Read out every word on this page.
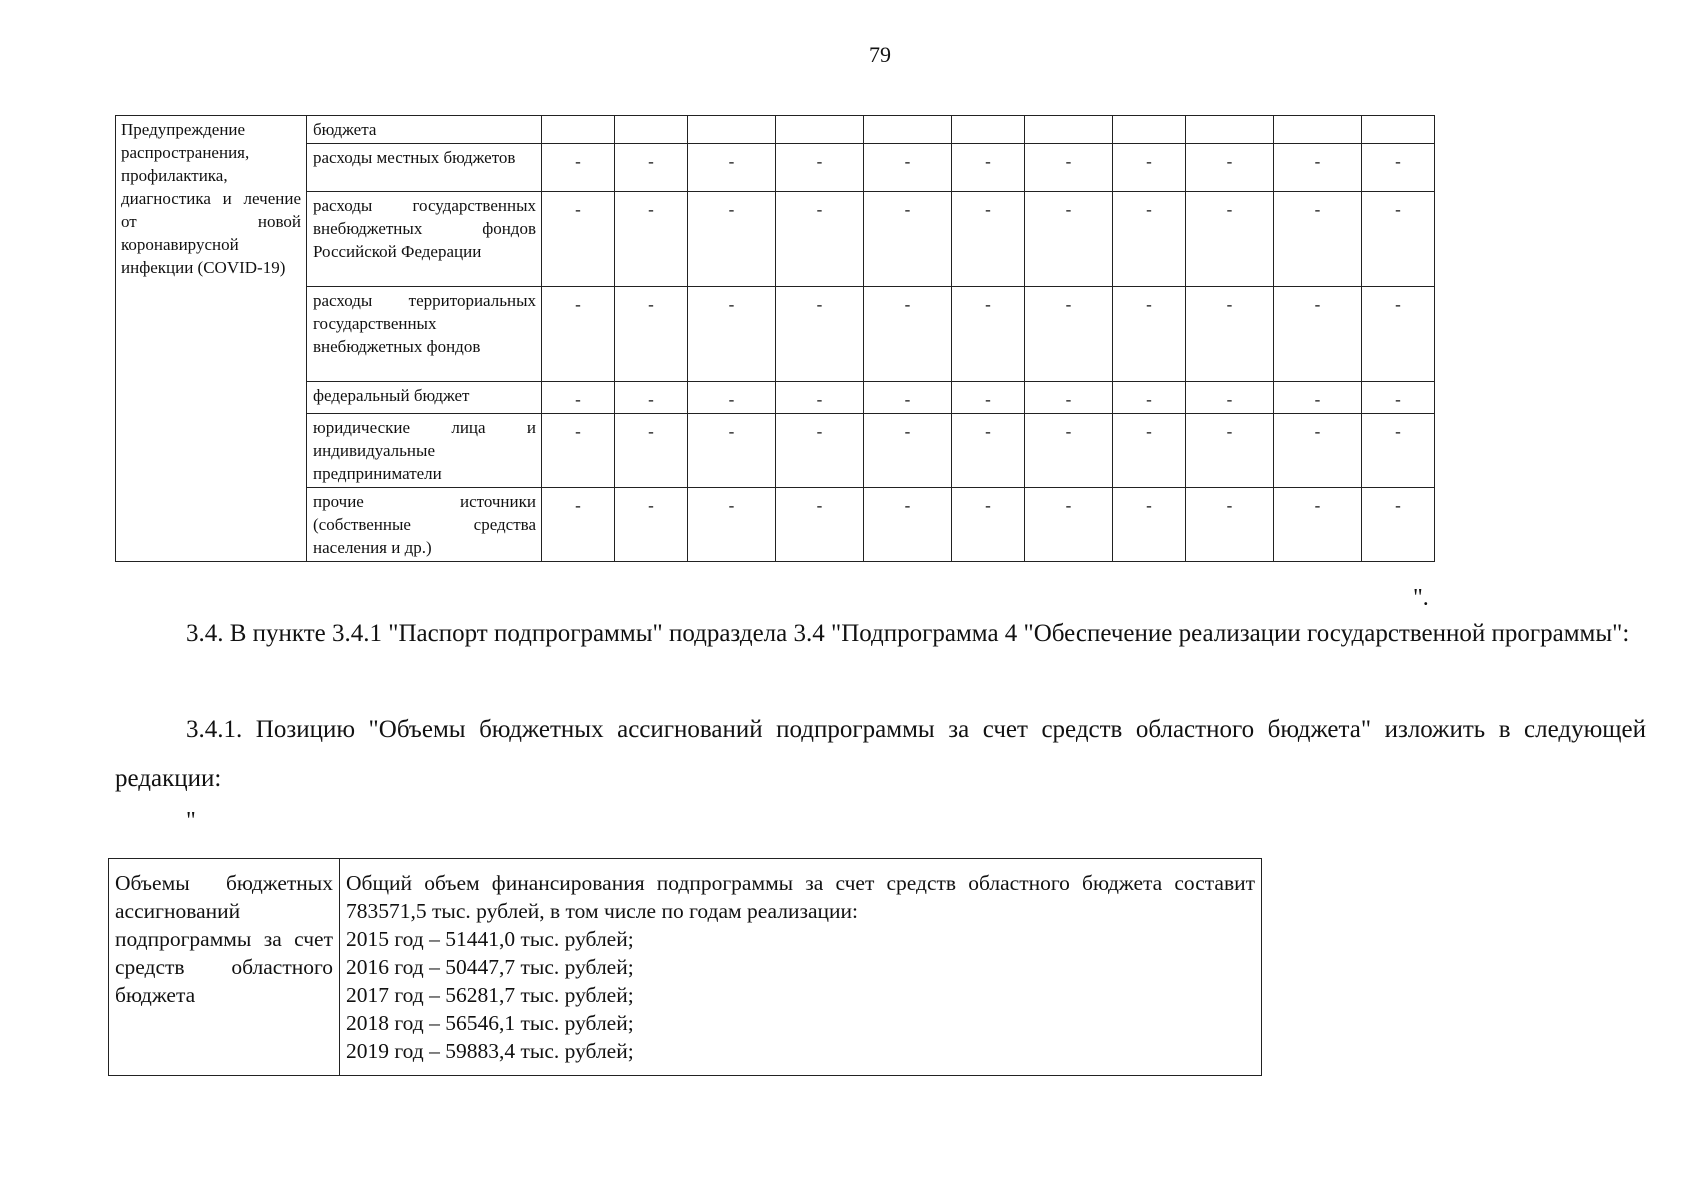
79
Предупреждение распространения, профилактика, диагностика и лечение от новой коронавирусной инфекции (COVID-19)	бюджета											
	расходы местных бюджетов	-	-	-	-	-	-	-	-	-	-	-
	расходы государственных внебюджетных фондов Российской Федерации	-	-	-	-	-	-	-	-	-	-	-
	расходы территориальных государственных внебюджетных фондов	-	-	-	-	-	-	-	-	-	-	-
	федеральный бюджет	-	-	-	-	-	-	-	-	-	-	-
	юридические лица и индивидуальные предприниматели	-	-	-	-	-	-	-	-	-	-	-
	прочие источники (собственные средства населения и др.)	-	-	-	-	-	-	-	-	-	-	-
".

3.4. В пункте 3.4.1 "Паспорт подпрограммы" подраздела 3.4 "Подпрограмма 4 "Обеспечение реализации государственной программы":

3.4.1. Позицию "Объемы бюджетных ассигнований подпрограммы за счет средств областного бюджета" изложить в следующей редакции:

"
Объемы бюджетных ассигнований подпрограммы за счет средств областного бюджета	Общий объем финансирования подпрограммы за счет средств областного бюджета составит 783571,5 тыс. рублей, в том числе по годам реализации:
2015 год – 51441,0 тыс. рублей;
2016 год – 50447,7 тыс. рублей;
2017 год – 56281,7 тыс. рублей;
2018 год – 56546,1 тыс. рублей;
2019 год – 59883,4 тыс. рублей;
